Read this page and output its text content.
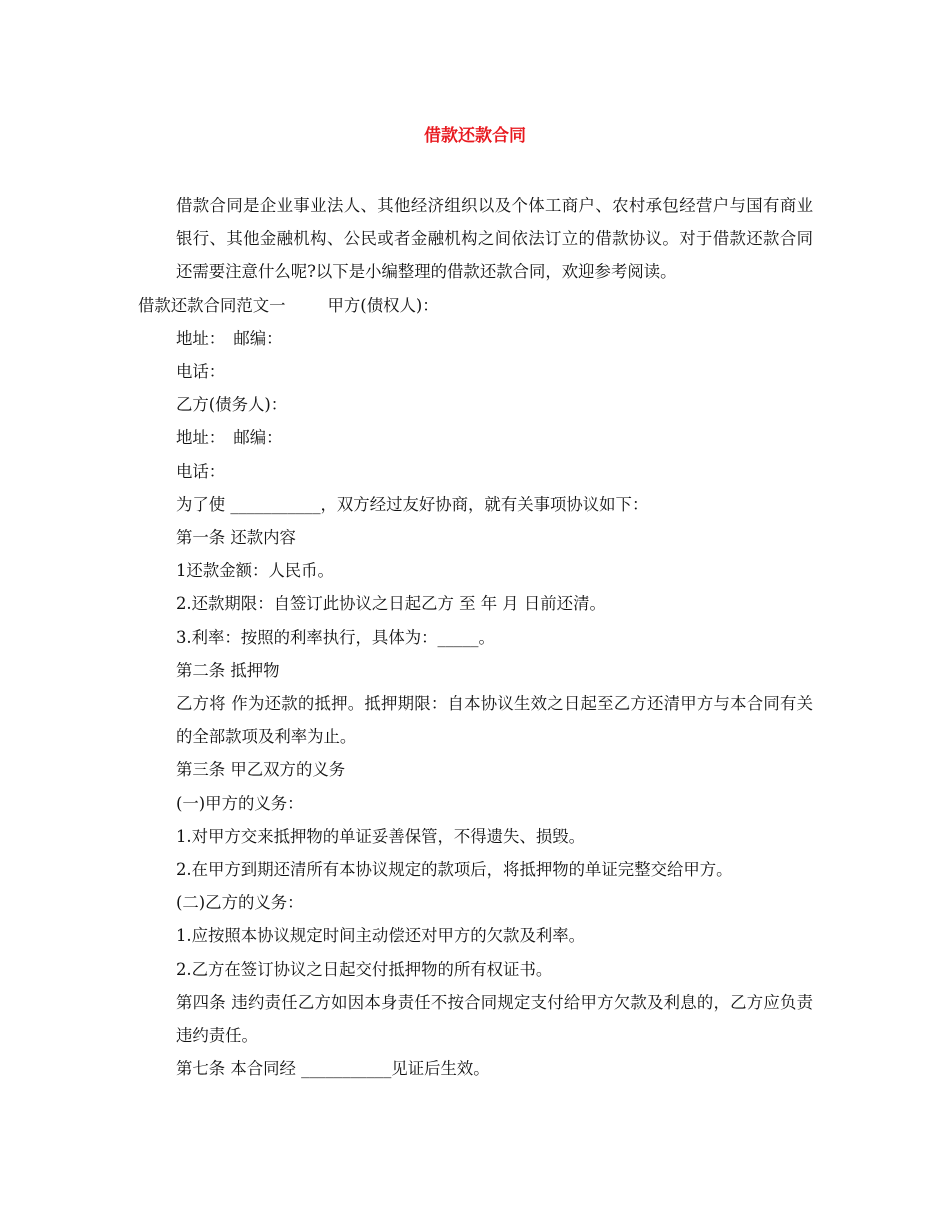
借款还款合同

借款合同是企业事业法人、其他经济组织以及个体工商户、农村承包经营户与国有商业银行、其他金融机构、公民或者金融机构之间依法订立的借款协议。对于借款还款合同还需要注意什么呢?以下是小编整理的借款还款合同，欢迎参考阅读。

借款还款合同范文一	甲方(债权人)：

地址：　邮编：

电话：

乙方(债务人)：

地址：　邮编：

电话：

为了使 ___________，双方经过友好协商，就有关事项协议如下：

第一条 还款内容

1还款金额：人民币。

2.还款期限：自签订此协议之日起乙方 至 年 月 日前还清。

3.利率：按照的利率执行，具体为：_____。

第二条 抵押物

乙方将 作为还款的抵押。抵押期限：自本协议生效之日起至乙方还清甲方与本合同有关的全部款项及利率为止。

第三条 甲乙双方的义务

(一)甲方的义务：

1.对甲方交来抵押物的单证妥善保管，不得遗失、损毁。

2.在甲方到期还清所有本协议规定的款项后，将抵押物的单证完整交给甲方。

(二)乙方的义务：

1.应按照本协议规定时间主动偿还对甲方的欠款及利率。

2.乙方在签订协议之日起交付抵押物的所有权证书。

第四条 违约责任乙方如因本身责任不按合同规定支付给甲方欠款及利息的，乙方应负责违约责任。

第七条 本合同经 ___________见证后生效。
